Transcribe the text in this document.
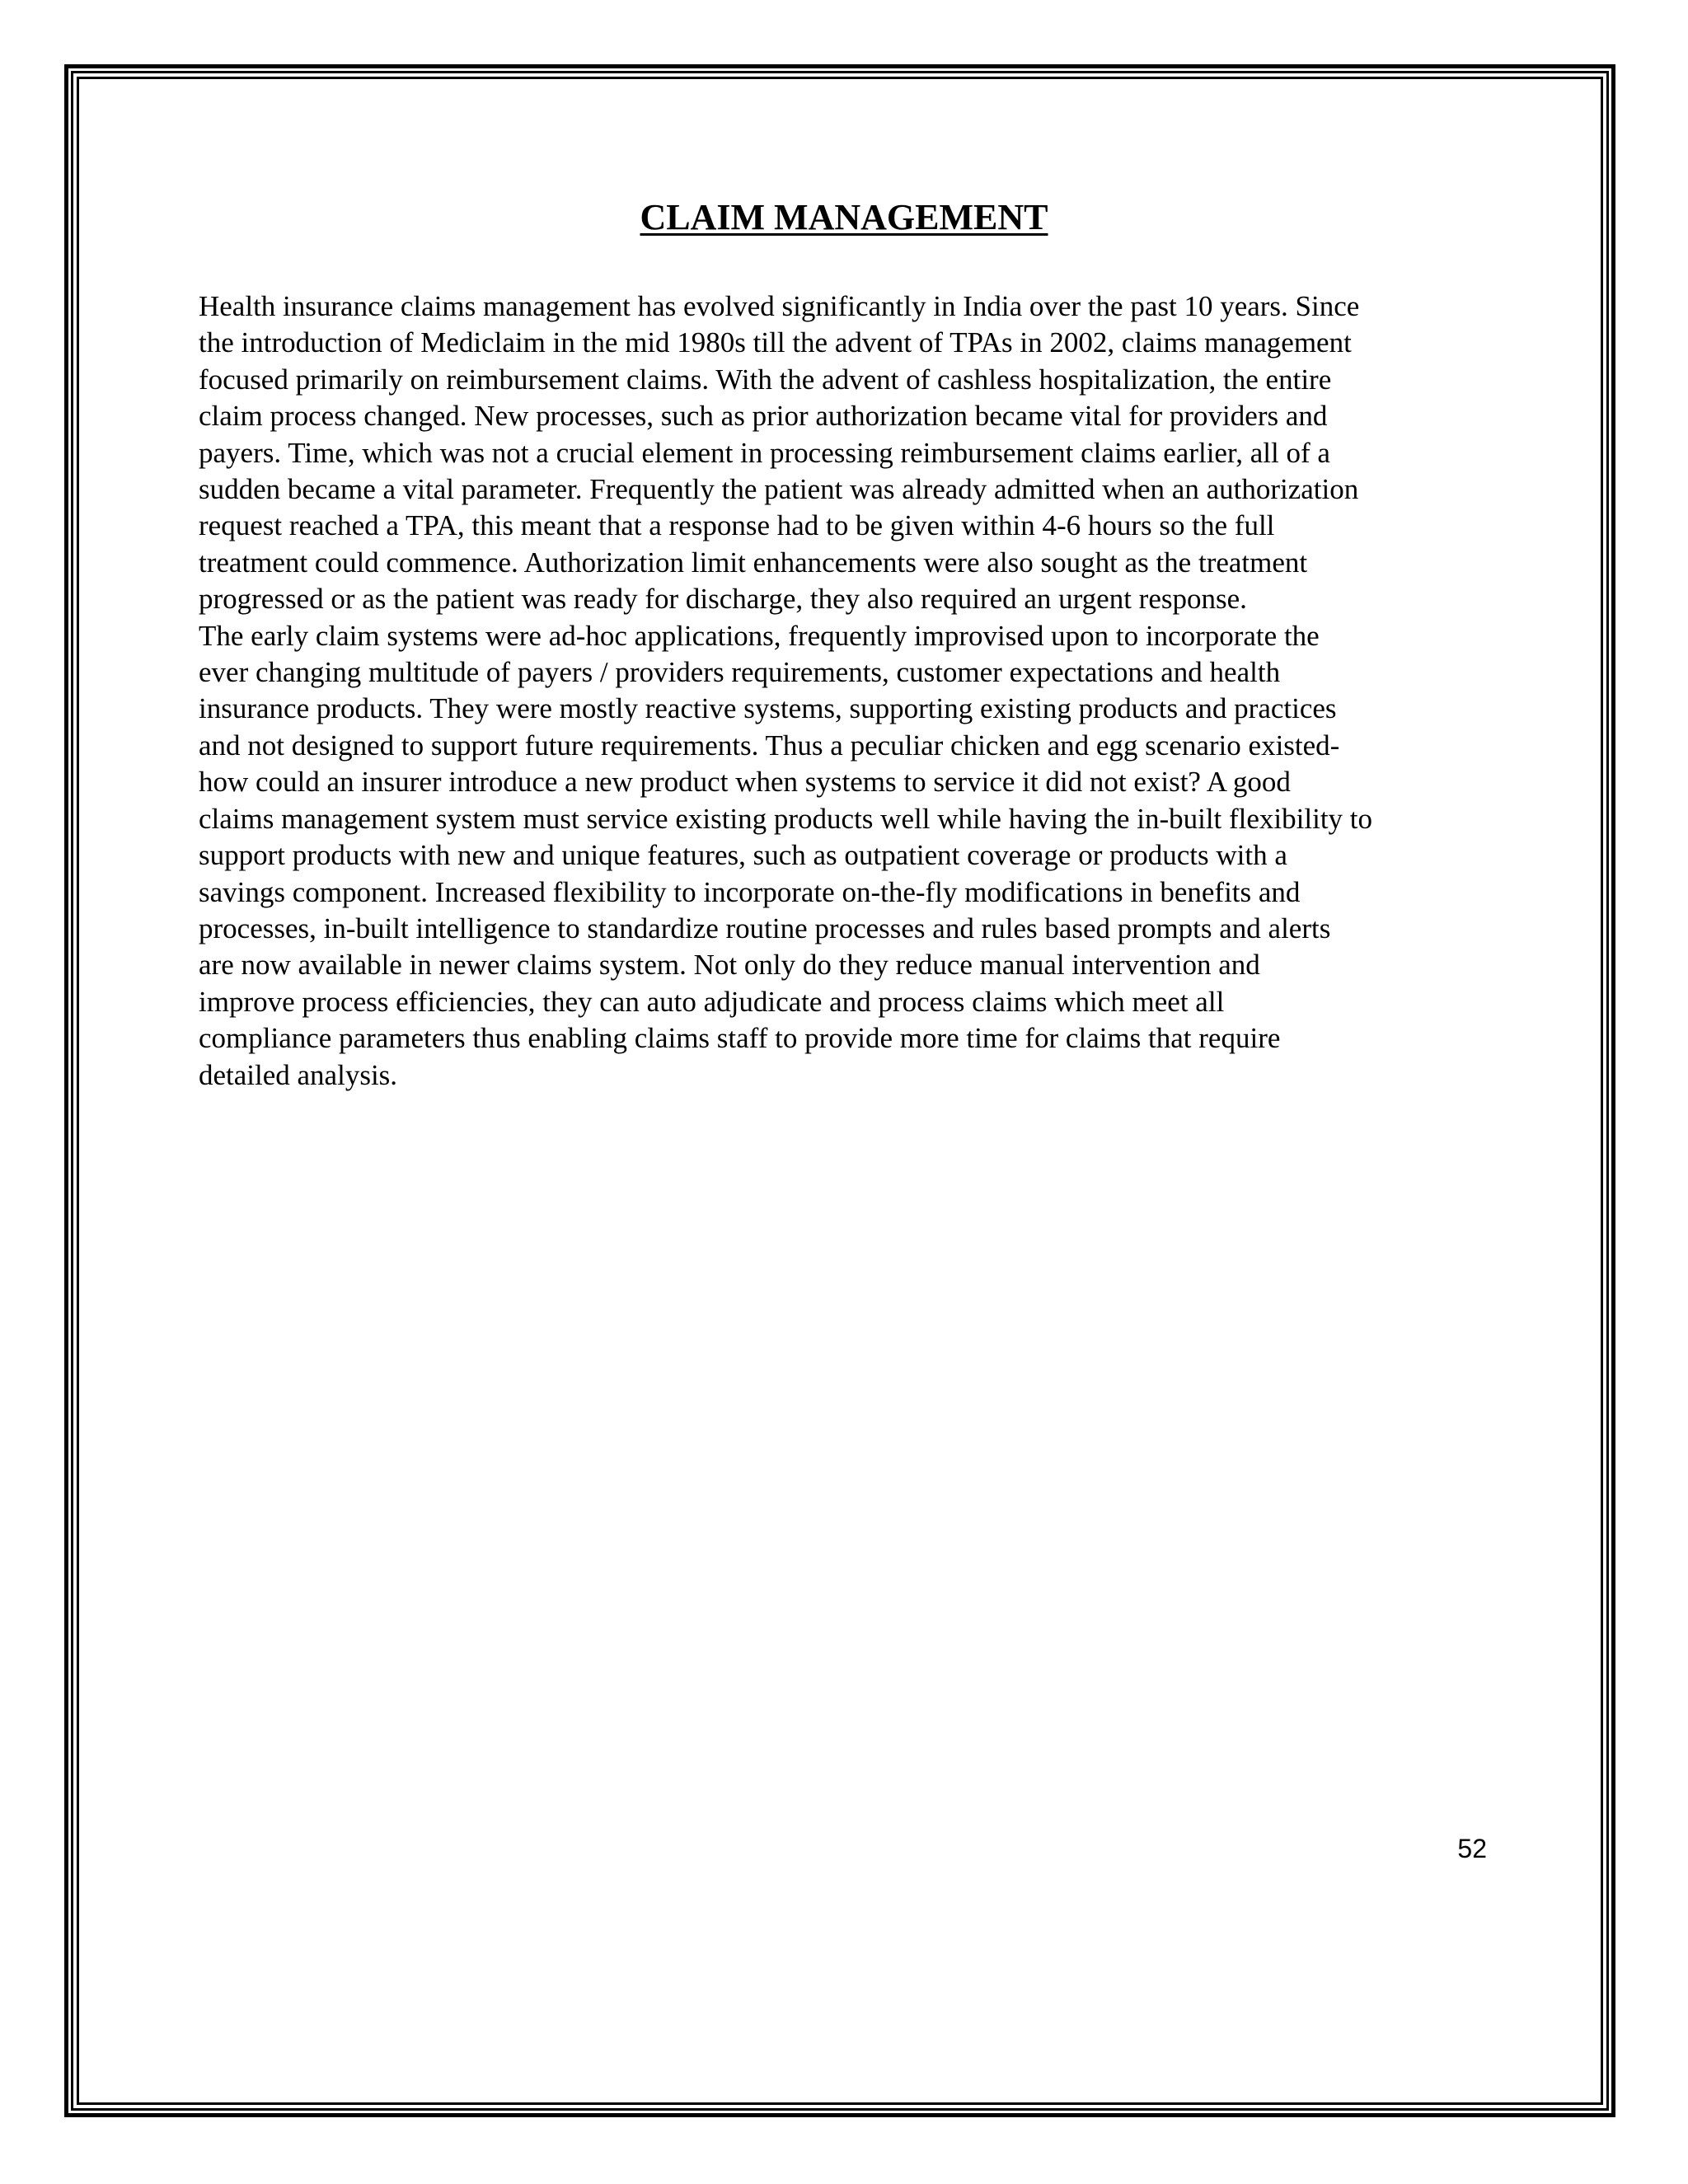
CLAIM MANAGEMENT
Health insurance claims management has evolved significantly in India over the past 10 years. Since
the introduction of Mediclaim in the mid 1980s till the advent of TPAs in 2002, claims management
focused primarily on reimbursement claims. With the advent of cashless hospitalization, the entire
claim process changed. New processes, such as prior authorization became vital for providers and
payers. Time, which was not a crucial element in processing reimbursement claims earlier, all of a
sudden became a vital parameter. Frequently the patient was already admitted when an authorization
request reached a TPA, this meant that a response had to be given within 4-6 hours so the full
treatment could commence. Authorization limit enhancements were also sought as the treatment
progressed or as the patient was ready for discharge, they also required an urgent response.
The early claim systems were ad-hoc applications, frequently improvised upon to incorporate the
ever changing multitude of payers / providers requirements, customer expectations and health
insurance products. They were mostly reactive systems, supporting existing products and practices
and not designed to support future requirements. Thus a peculiar chicken and egg scenario existed-
how could an insurer introduce a new product when systems to service it did not exist? A good
claims management system must service existing products well while having the in-built flexibility to
support products with new and unique features, such as outpatient coverage or products with a
savings component. Increased flexibility to incorporate on-the-fly modifications in benefits and
processes, in-built intelligence to standardize routine processes and rules based prompts and alerts
are now available in newer claims system. Not only do they reduce manual intervention and
improve process efficiencies, they can auto adjudicate and process claims which meet all
compliance parameters thus enabling claims staff to provide more time for claims that require
detailed analysis.
52
